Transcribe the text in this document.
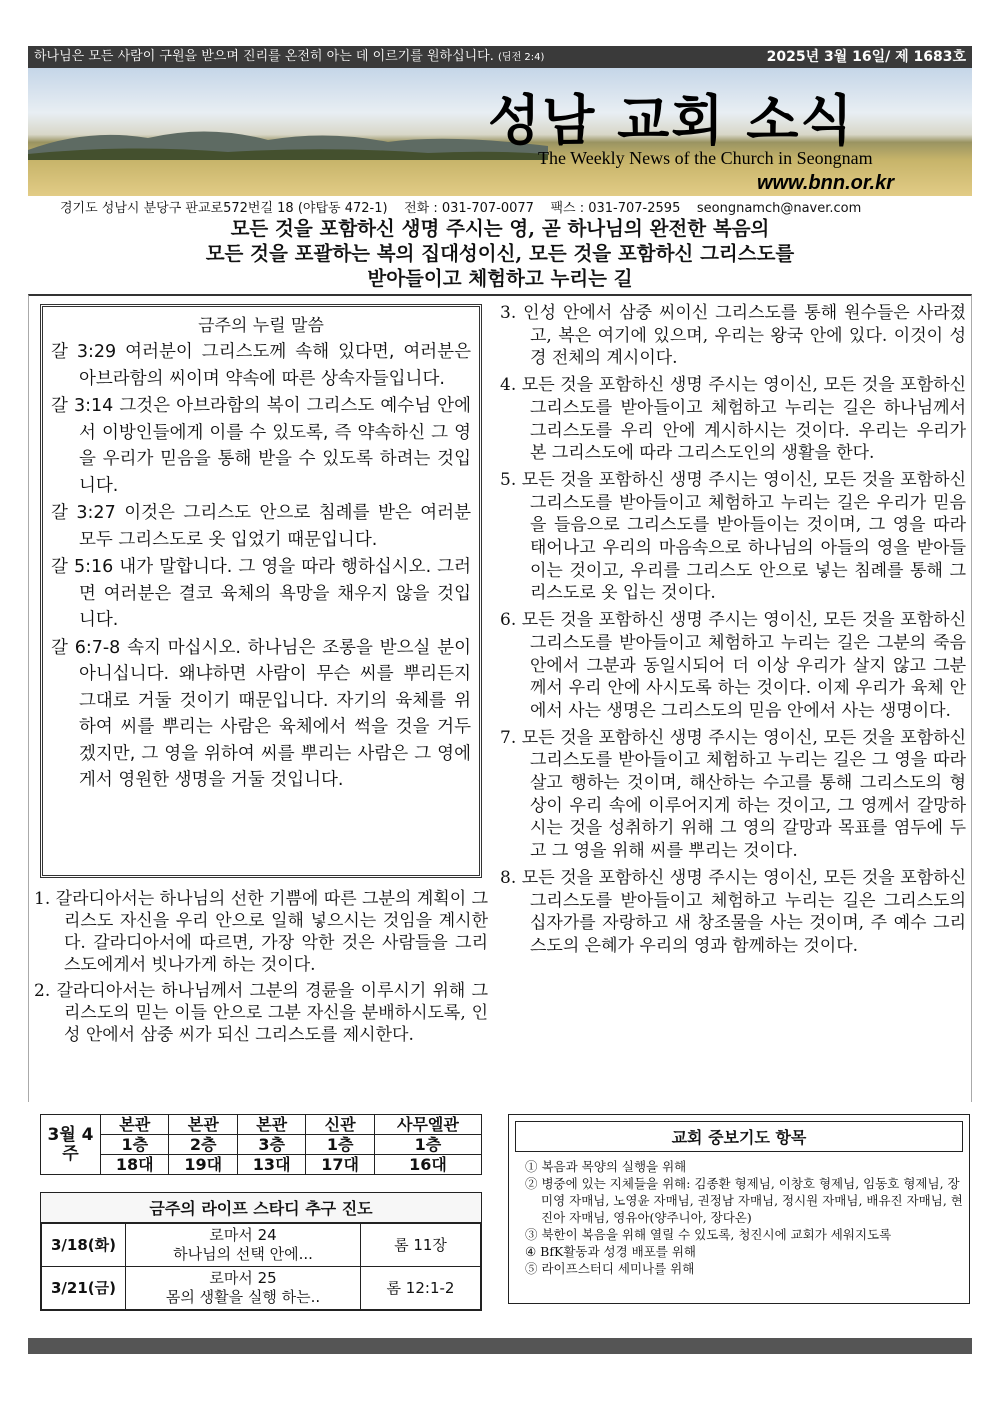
하나님은 모든 사람이 구원을 받으며 진리를 온전히 아는 데 이르기를 원하십니다. (딤전 2:4)	2025년 3월 16일/ 제 1683호
성남 교회 소식
The Weekly News of the Church in Seongnam
www.bnn.or.kr
경기도 성남시 분당구 판교로572번길 18 (야탑동 472-1) 전화 : 031-707-0077 팩스 : 031-707-2595 seongnamch@naver.com
모든 것을 포함하신 생명 주시는 영, 곧 하나님의 완전한 복음의
모든 것을 포괄하는 복의 집대성이신, 모든 것을 포함하신 그리스도를
받아들이고 체험하고 누리는 길
금주의 누릴 말씀
갈 3:29 여러분이 그리스도께 속해 있다면, 여러분은 아브라함의 씨이며 약속에 따른 상속자들입니다.
갈 3:14 그것은 아브라함의 복이 그리스도 예수님 안에서 이방인들에게 이를 수 있도록, 즉 약속하신 그 영을 우리가 믿음을 통해 받을 수 있도록 하려는 것입니다.
갈 3:27 이것은 그리스도 안으로 침례를 받은 여러분 모두 그리스도로 옷 입었기 때문입니다.
갈 5:16 내가 말합니다. 그 영을 따라 행하십시오. 그러면 여러분은 결코 육체의 욕망을 채우지 않을 것입니다.
갈 6:7-8 속지 마십시오. 하나님은 조롱을 받으실 분이 아니십니다. 왜냐하면 사람이 무슨 씨를 뿌리든지 그대로 거둘 것이기 때문입니다. 자기의 육체를 위하여 씨를 뿌리는 사람은 육체에서 썩을 것을 거두겠지만, 그 영을 위하여 씨를 뿌리는 사람은 그 영에게서 영원한 생명을 거둘 것입니다.
1. 갈라디아서는 하나님의 선한 기쁨에 따른 그분의 계획이 그리스도 자신을 우리 안으로 일해 넣으시는 것임을 계시한다. 갈라디아서에 따르면, 가장 악한 것은 사람들을 그리스도에게서 빗나가게 하는 것이다.
2. 갈라디아서는 하나님께서 그분의 경륜을 이루시기 위해 그리스도의 믿는 이들 안으로 그분 자신을 분배하시도록, 인성 안에서 삼중 씨가 되신 그리스도를 제시한다.
3. 인성 안에서 삼중 씨이신 그리스도를 통해 원수들은 사라졌고, 복은 여기에 있으며, 우리는 왕국 안에 있다. 이것이 성경 전체의 계시이다.
4. 모든 것을 포함하신 생명 주시는 영이신, 모든 것을 포함하신 그리스도를 받아들이고 체험하고 누리는 길은 하나님께서 그리스도를 우리 안에 계시하시는 것이다. 우리는 우리가 본 그리스도에 따라 그리스도인의 생활을 한다.
5. 모든 것을 포함하신 생명 주시는 영이신, 모든 것을 포함하신 그리스도를 받아들이고 체험하고 누리는 길은 우리가 믿음을 들음으로 그리스도를 받아들이는 것이며, 그 영을 따라 태어나고 우리의 마음속으로 하나님의 아들의 영을 받아들이는 것이고, 우리를 그리스도 안으로 넣는 침례를 통해 그리스도로 옷 입는 것이다.
6. 모든 것을 포함하신 생명 주시는 영이신, 모든 것을 포함하신 그리스도를 받아들이고 체험하고 누리는 길은 그분의 죽음 안에서 그분과 동일시되어 더 이상 우리가 살지 않고 그분께서 우리 안에 사시도록 하는 것이다. 이제 우리가 육체 안에서 사는 생명은 그리스도의 믿음 안에서 사는 생명이다.
7. 모든 것을 포함하신 생명 주시는 영이신, 모든 것을 포함하신 그리스도를 받아들이고 체험하고 누리는 길은 그 영을 따라 살고 행하는 것이며, 해산하는 수고를 통해 그리스도의 형상이 우리 속에 이루어지게 하는 것이고, 그 영께서 갈망하시는 것을 성취하기 위해 그 영의 갈망과 목표를 염두에 두고 그 영을 위해 씨를 뿌리는 것이다.
8. 모든 것을 포함하신 생명 주시는 영이신, 모든 것을 포함하신 그리스도를 받아들이고 체험하고 누리는 길은 그리스도의 십자가를 자랑하고 새 창조물을 사는 것이며, 주 예수 그리스도의 은혜가 우리의 영과 함께하는 것이다.
3월 4주	본관	본관	본관	신관	사무엘관
	1층	2층	3층	1층	1층
	18대	19대	13대	17대	16대
금주의 라이프 스타디 추구 진도
3/18(화)	로마서 24
하나님의 선택 안에...	롬 11장
3/21(금)	로마서 25
몸의 생활을 실행 하는..	롬 12:1-2
교회 중보기도 항목
① 복음과 목양의 실행을 위해
② 병중에 있는 지체들을 위해: 김종환 형제님, 이창호 형제님, 임동호 형제님, 장미영 자매님, 노영윤 자매님, 권정남 자매님, 정시원 자매님, 배유진 자매님, 현진아 자매님, 영유아(양주니아, 장다온)
③ 북한이 복음을 위해 열릴 수 있도록, 청진시에 교회가 세워지도록
④ BfK활동과 성경 배포를 위해
⑤ 라이프스터디 세미나를 위해
